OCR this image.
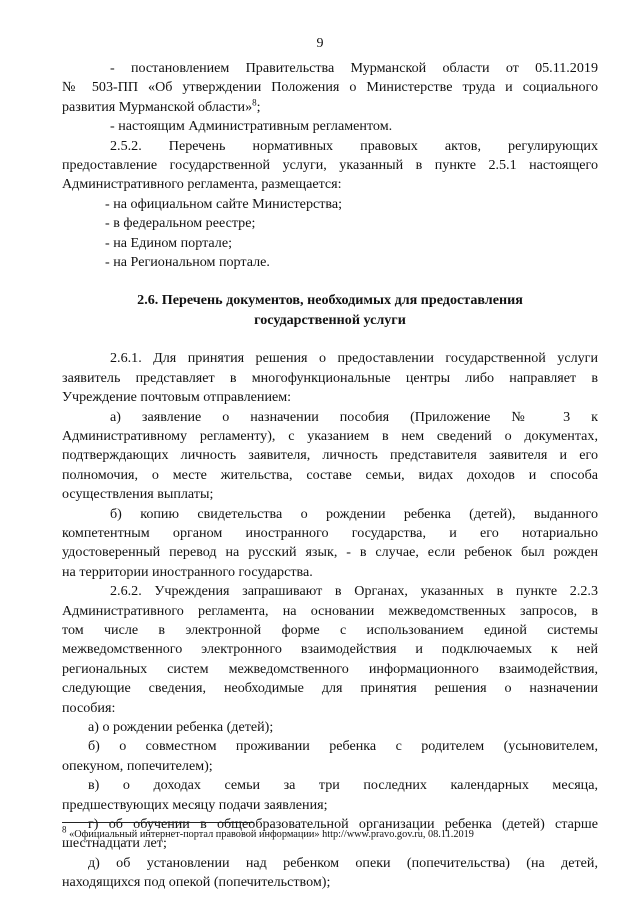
9

- постановлением Правительства Мурманской области от 05.11.2019

№ 503-ПП «Об утверждении Положения о Министерстве труда и социального

развития Мурманской области»$^8$;

- настоящим Административным регламентом.

2.5.2. Перечень нормативных правовых актов, регулирующих

предоставление государственной услуги, указанный в пункте 2.5.1 настоящего

Административного регламента, размещается:

- на официальном сайте Министерства;

- в федеральном реестре;

- на Едином портале;

- на Региональном портале.

2.6. Перечень документов, необходимых для предоставления
государственной услуги

2.6.1. Для принятия решения о предоставлении государственной услуги

заявитель представляет в многофункциональные центры либо направляет в

Учреждение почтовым отправлением:

а) заявление о назначении пособия (Приложение № 3 к

Административному регламенту), с указанием в нем сведений о документах,

подтверждающих личность заявителя, личность представителя заявителя и его

полномочия, о месте жительства, составе семьи, видах доходов и способа

осуществления выплаты;

б) копию свидетельства о рождении ребенка (детей), выданного

компетентным органом иностранного государства, и его нотариально

удостоверенный перевод на русский язык, - в случае, если ребенок был рожден

на территории иностранного государства.

2.6.2. Учреждения запрашивают в Органах, указанных в пункте 2.2.3

Административного регламента, на основании межведомственных запросов, в

том числе в электронной форме с использованием единой системы

межведомственного электронного взаимодействия и подключаемых к ней

региональных систем межведомственного информационного взаимодействия,

следующие сведения, необходимые для принятия решения о назначении

пособия:

а) о рождении ребенка (детей);

б) о совместном проживании ребенка с родителем (усыновителем,

опекуном, попечителем);

в) о доходах семьи за три последних календарных месяца,

предшествующих месяцу подачи заявления;

г) об обучении в общеобразовательной организации ребенка (детей) старше

шестнадцати лет;

д) об установлении над ребенком опеки (попечительства) (на детей,

находящихся под опекой (попечительством);

$^8$ «Официальный интернет-портал правовой информации» http://www.pravo.gov.ru, 08.11.2019
